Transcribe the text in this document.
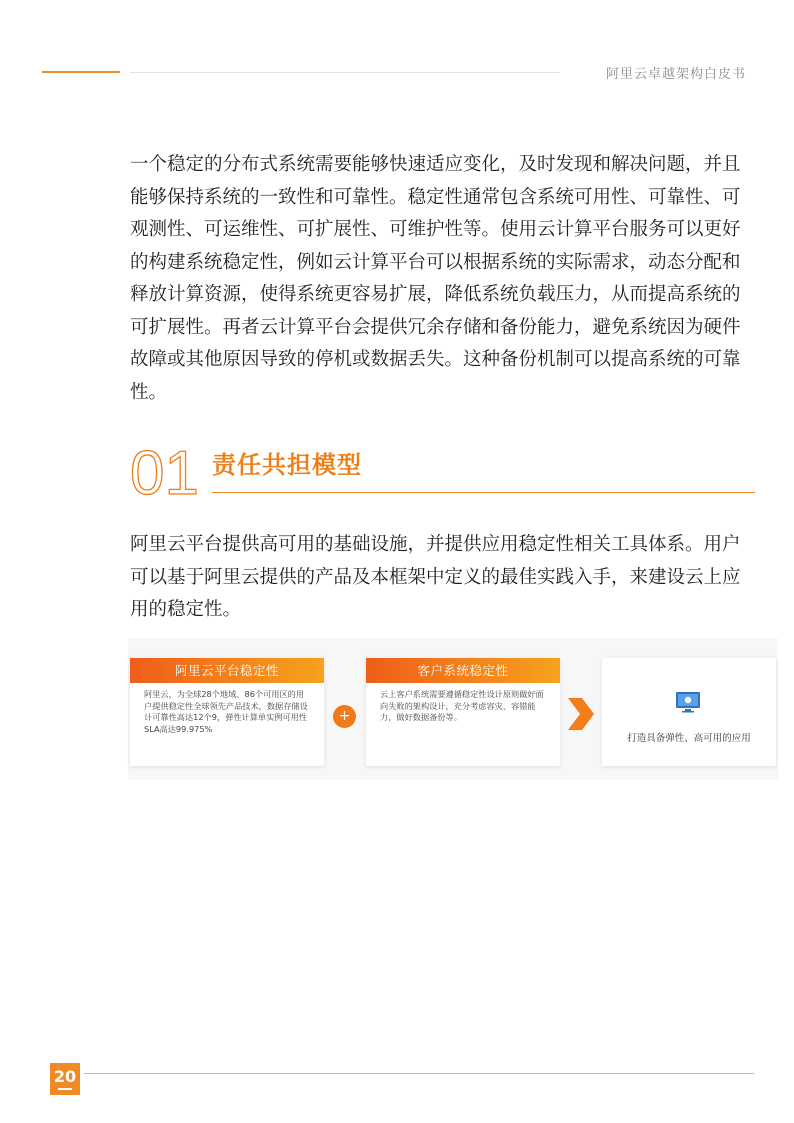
阿里云卓越架构白皮书

一个稳定的分布式系统需要能够快速适应变化，及时发现和解决问题，并且能够保持系统的一致性和可靠性。稳定性通常包含系统可用性、可靠性、可观测性、可运维性、可扩展性、可维护性等。使用云计算平台服务可以更好的构建系统稳定性，例如云计算平台可以根据系统的实际需求，动态分配和释放计算资源，使得系统更容易扩展，降低系统负载压力，从而提高系统的可扩展性。再者云计算平台会提供冗余存储和备份能力，避免系统因为硬件故障或其他原因导致的停机或数据丢失。这种备份机制可以提高系统的可靠性。

01 责任共担模型

阿里云平台提供高可用的基础设施，并提供应用稳定性相关工具体系。用户可以基于阿里云提供的产品及本框架中定义的最佳实践入手，来建设云上应用的稳定性。

阿里云平台稳定性
阿里云，为全球28个地域、86个可用区的用户提供稳定性全球领先产品技术，数据存储设计可靠性高达12个9，弹性计算单实例可用性SLA高达99.975%
+
客户系统稳定性
云上客户系统需要遵循稳定性设计原则做好面向失败的架构设计，充分考虑容灾、容错能力，做好数据备份等。
打造具备弹性、高可用的应用
20
